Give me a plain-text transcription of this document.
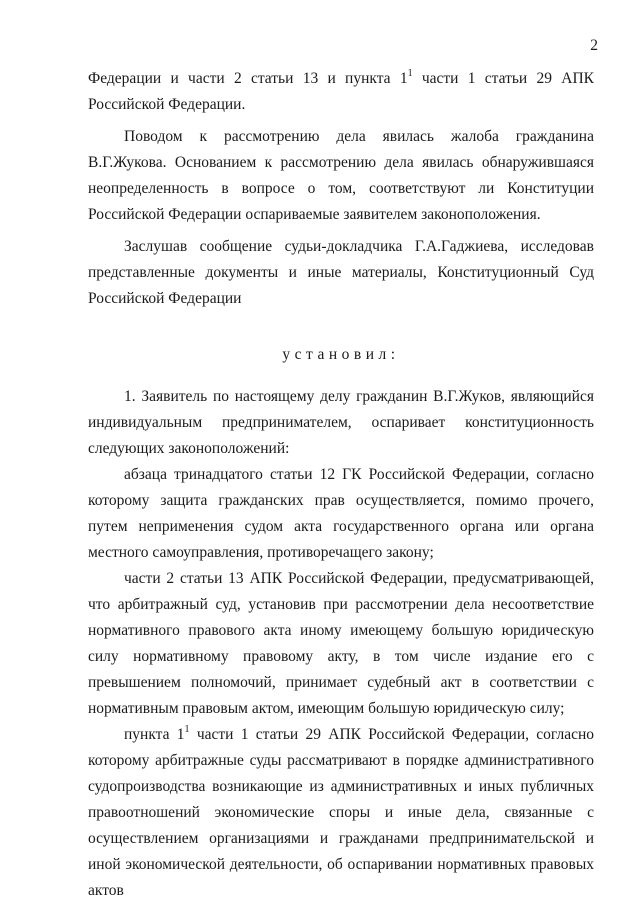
2

Федерации и части 2 статьи 13 и пункта $1^1$ части 1 статьи 29 АПК Российской Федерации.

Поводом к рассмотрению дела явилась жалоба гражданина В.Г.Жукова. Основанием к рассмотрению дела явилась обнаружившаяся неопределенность в вопросе о том, соответствуют ли Конституции Российской Федерации оспариваемые заявителем законоположения.

Заслушав сообщение судьи-докладчика Г.А.Гаджиева, исследовав представленные документы и иные материалы, Конституционный Суд Российской Федерации

установил:

1. Заявитель по настоящему делу гражданин В.Г.Жуков, являющийся индивидуальным предпринимателем, оспаривает конституционность следующих законоположений:

абзаца тринадцатого статьи 12 ГК Российской Федерации, согласно которому защита гражданских прав осуществляется, помимо прочего, путем неприменения судом акта государственного органа или органа местного самоуправления, противоречащего закону;

части 2 статьи 13 АПК Российской Федерации, предусматривающей, что арбитражный суд, установив при рассмотрении дела несоответствие нормативного правового акта иному имеющему большую юридическую силу нормативному правовому акту, в том числе издание его с превышением полномочий, принимает судебный акт в соответствии с нормативным правовым актом, имеющим большую юридическую силу;

пункта $1^1$ части 1 статьи 29 АПК Российской Федерации, согласно которому арбитражные суды рассматривают в порядке административного судопроизводства возникающие из административных и иных публичных правоотношений экономические споры и иные дела, связанные с осуществлением организациями и гражданами предпринимательской и иной экономической деятельности, об оспаривании нормативных правовых актов
